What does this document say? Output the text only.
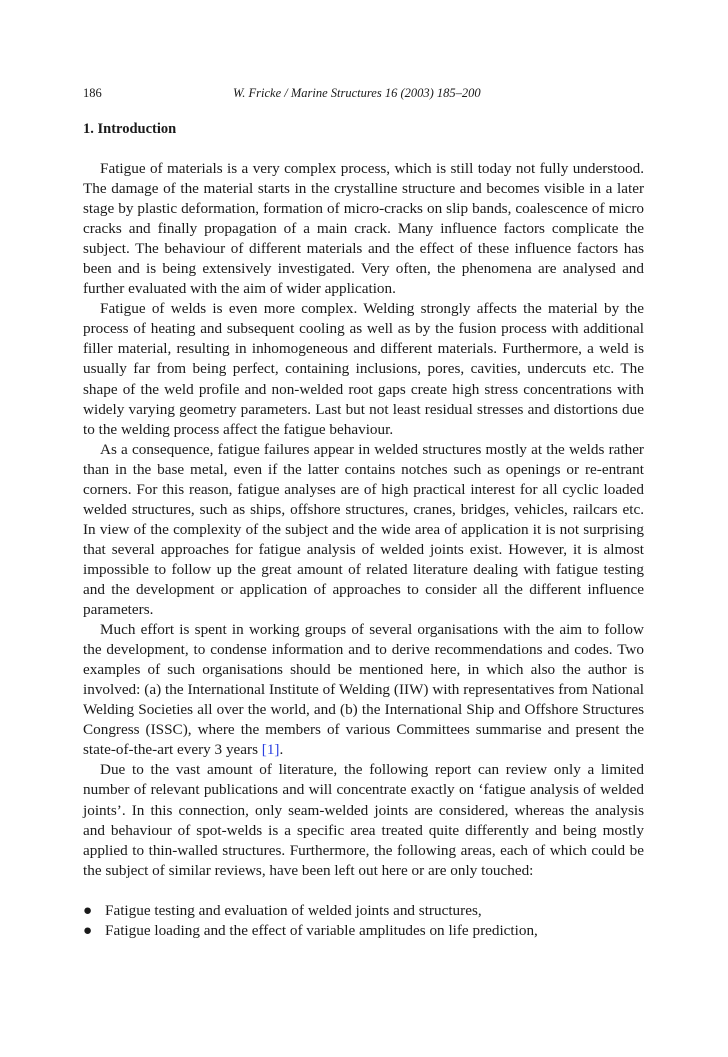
186	W. Fricke / Marine Structures 16 (2003) 185–200
1. Introduction

Fatigue of materials is a very complex process, which is still today not fully understood. The damage of the material starts in the crystalline structure and becomes visible in a later stage by plastic deformation, formation of micro-cracks on slip bands, coalescence of micro cracks and finally propagation of a main crack. Many influence factors complicate the subject. The behaviour of different materials and the effect of these influence factors has been and is being extensively investigated. Very often, the phenomena are analysed and further evaluated with the aim of wider application.

Fatigue of welds is even more complex. Welding strongly affects the material by the process of heating and subsequent cooling as well as by the fusion process with additional filler material, resulting in inhomogeneous and different materials. Furthermore, a weld is usually far from being perfect, containing inclusions, pores, cavities, undercuts etc. The shape of the weld profile and non-welded root gaps create high stress concentrations with widely varying geometry parameters. Last but not least residual stresses and distortions due to the welding process affect the fatigue behaviour.

As a consequence, fatigue failures appear in welded structures mostly at the welds rather than in the base metal, even if the latter contains notches such as openings or re-entrant corners. For this reason, fatigue analyses are of high practical interest for all cyclic loaded welded structures, such as ships, offshore structures, cranes, bridges, vehicles, railcars etc. In view of the complexity of the subject and the wide area of application it is not surprising that several approaches for fatigue analysis of welded joints exist. However, it is almost impossible to follow up the great amount of related literature dealing with fatigue testing and the development or application of approaches to consider all the different influence parameters.

Much effort is spent in working groups of several organisations with the aim to follow the development, to condense information and to derive recommendations and codes. Two examples of such organisations should be mentioned here, in which also the author is involved: (a) the International Institute of Welding (IIW) with representatives from National Welding Societies all over the world, and (b) the International Ship and Offshore Structures Congress (ISSC), where the members of various Committees summarise and present the state-of-the-art every 3 years [1].

Due to the vast amount of literature, the following report can review only a limited number of relevant publications and will concentrate exactly on ‘fatigue analysis of welded joints’. In this connection, only seam-welded joints are considered, whereas the analysis and behaviour of spot-welds is a specific area treated quite differently and being mostly applied to thin-walled structures. Furthermore, the following areas, each of which could be the subject of similar reviews, have been left out here or are only touched:

● Fatigue testing and evaluation of welded joints and structures,
● Fatigue loading and the effect of variable amplitudes on life prediction,
